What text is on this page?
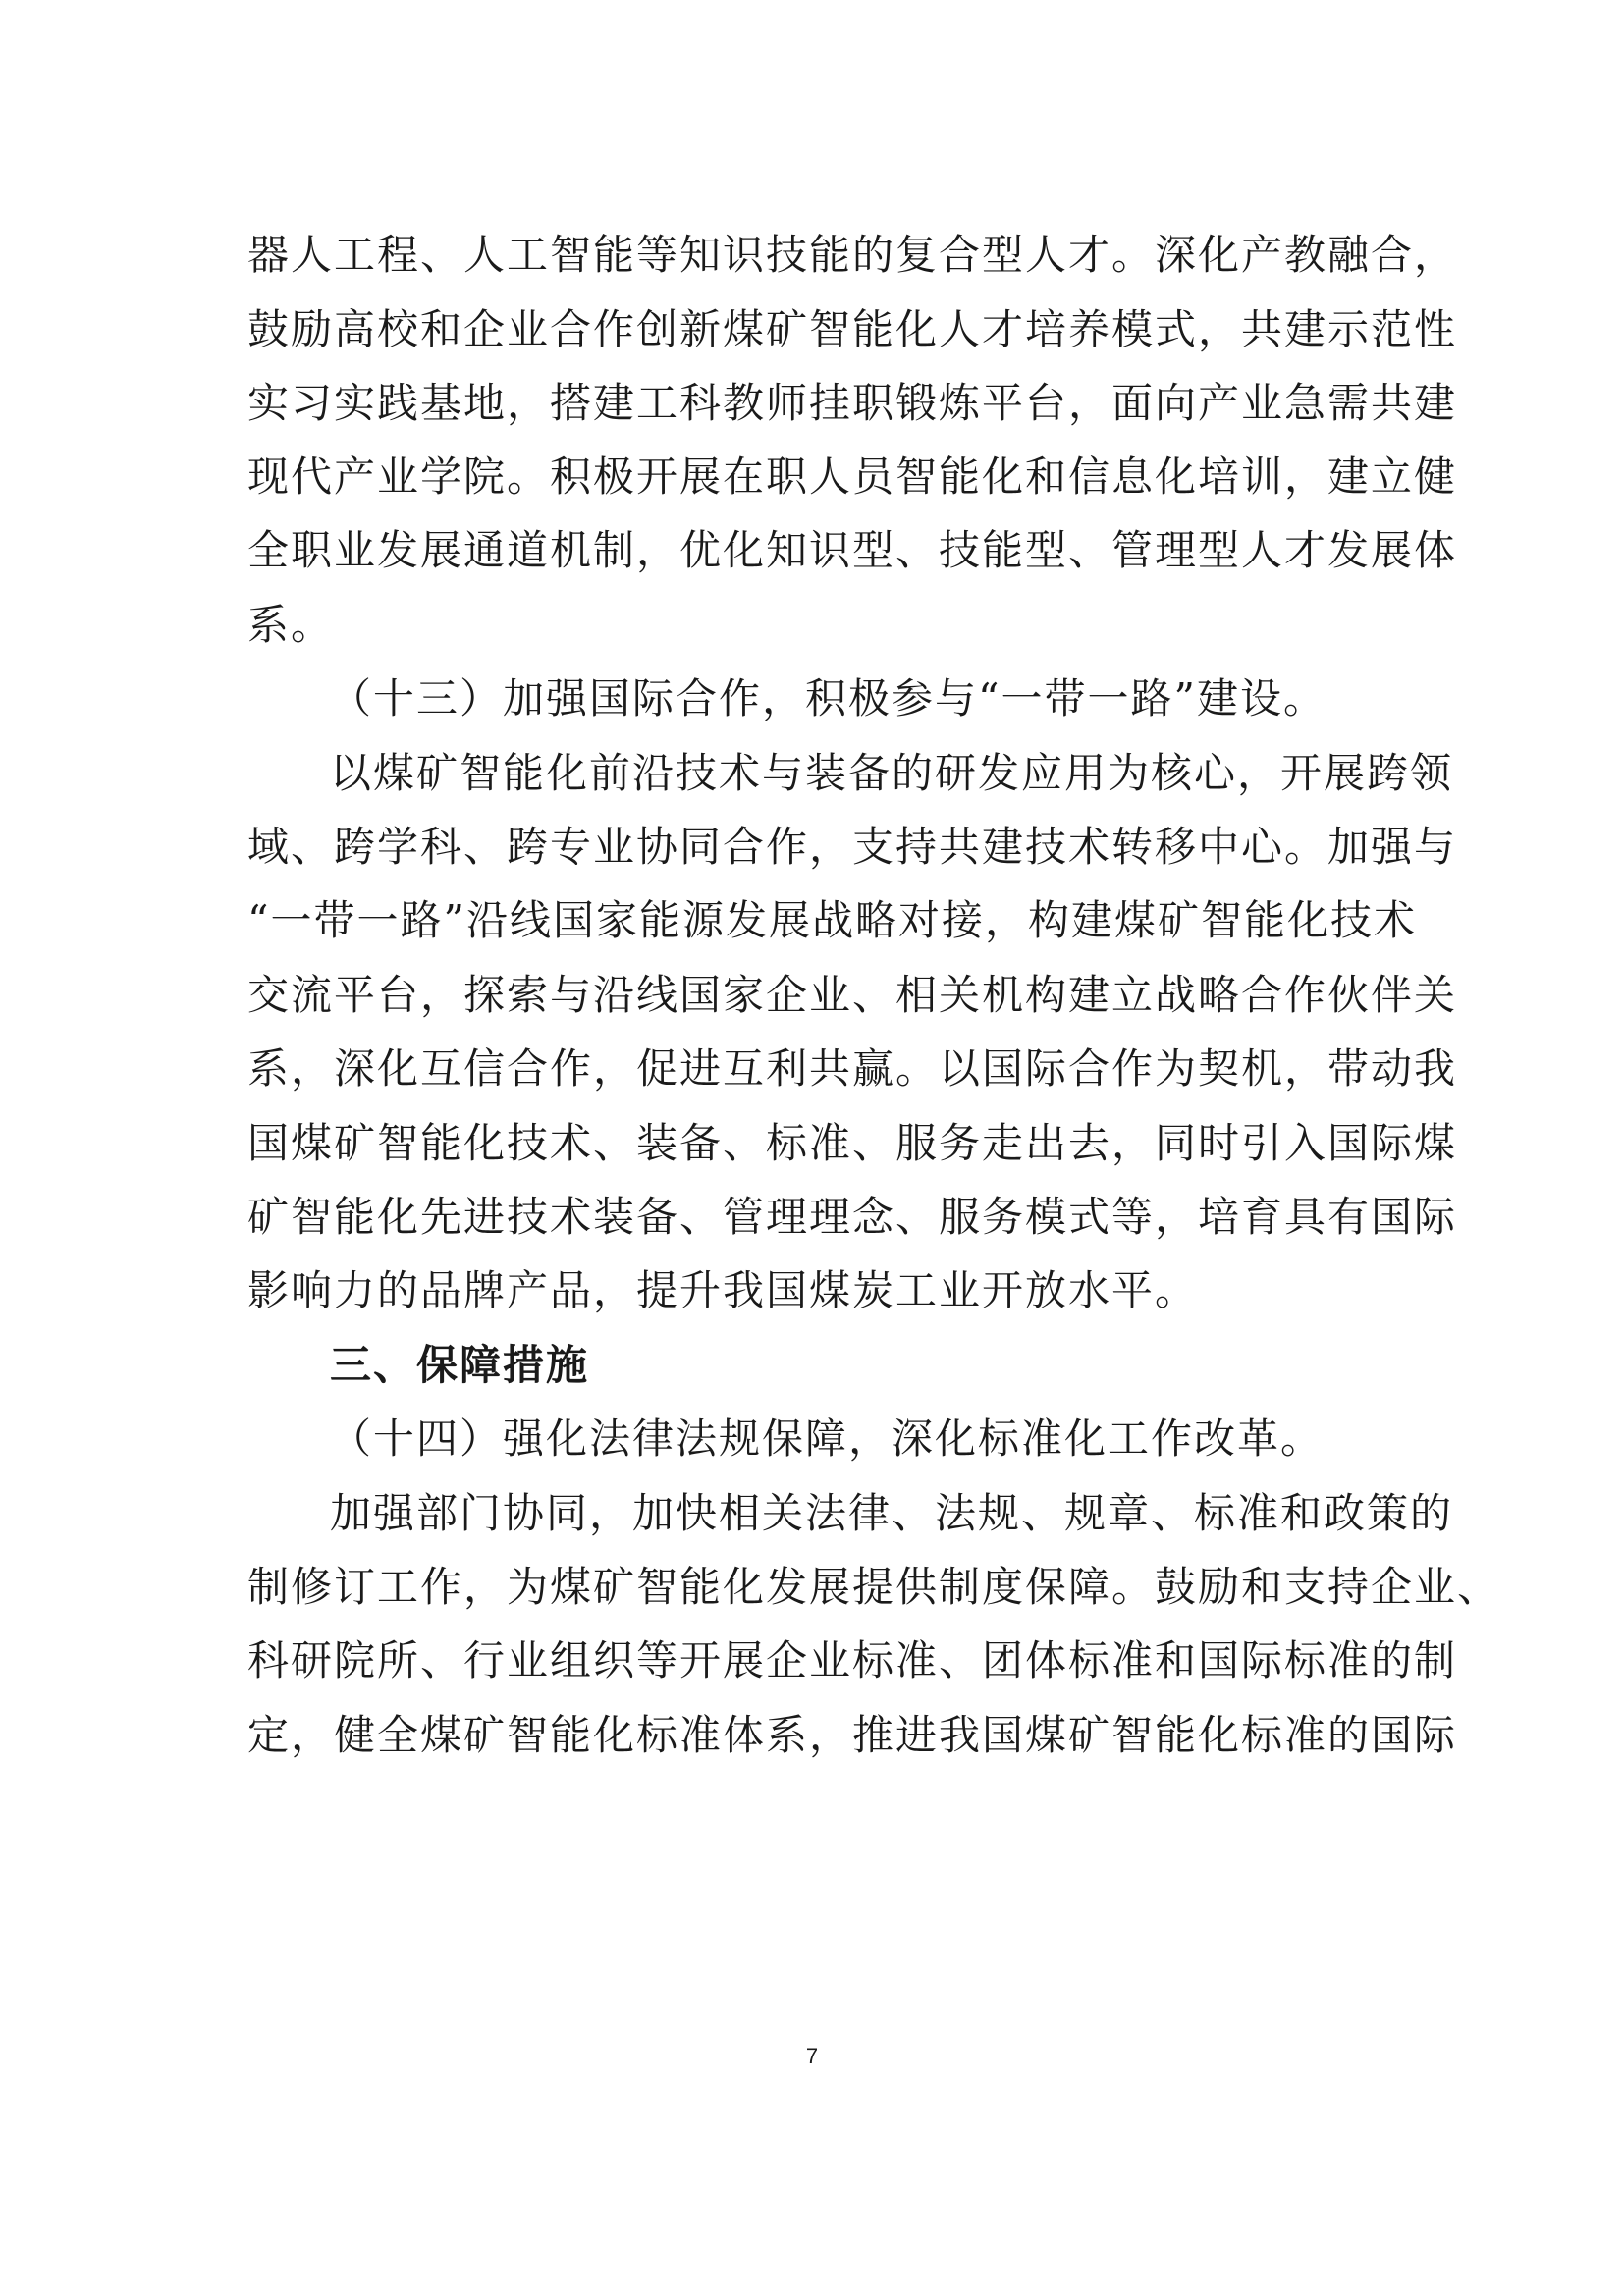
器人工程、人工智能等知识技能的复合型人才。深化产教融合，
鼓励高校和企业合作创新煤矿智能化人才培养模式，共建示范性
实习实践基地，搭建工科教师挂职锻炼平台，面向产业急需共建
现代产业学院。积极开展在职人员智能化和信息化培训，建立健
全职业发展通道机制，优化知识型、技能型、管理型人才发展体
系。
（十三）加强国际合作，积极参与“一带一路”建设。
以煤矿智能化前沿技术与装备的研发应用为核心，开展跨领
域、跨学科、跨专业协同合作，支持共建技术转移中心。加强与
“一带一路”沿线国家能源发展战略对接，构建煤矿智能化技术
交流平台，探索与沿线国家企业、相关机构建立战略合作伙伴关
系，深化互信合作，促进互利共赢。以国际合作为契机，带动我
国煤矿智能化技术、装备、标准、服务走出去，同时引入国际煤
矿智能化先进技术装备、管理理念、服务模式等，培育具有国际
影响力的品牌产品，提升我国煤炭工业开放水平。
三、保障措施
（十四）强化法律法规保障，深化标准化工作改革。
加强部门协同，加快相关法律、法规、规章、标准和政策的
制修订工作，为煤矿智能化发展提供制度保障。鼓励和支持企业、
科研院所、行业组织等开展企业标准、团体标准和国际标准的制
定，健全煤矿智能化标准体系，推进我国煤矿智能化标准的国际
7
